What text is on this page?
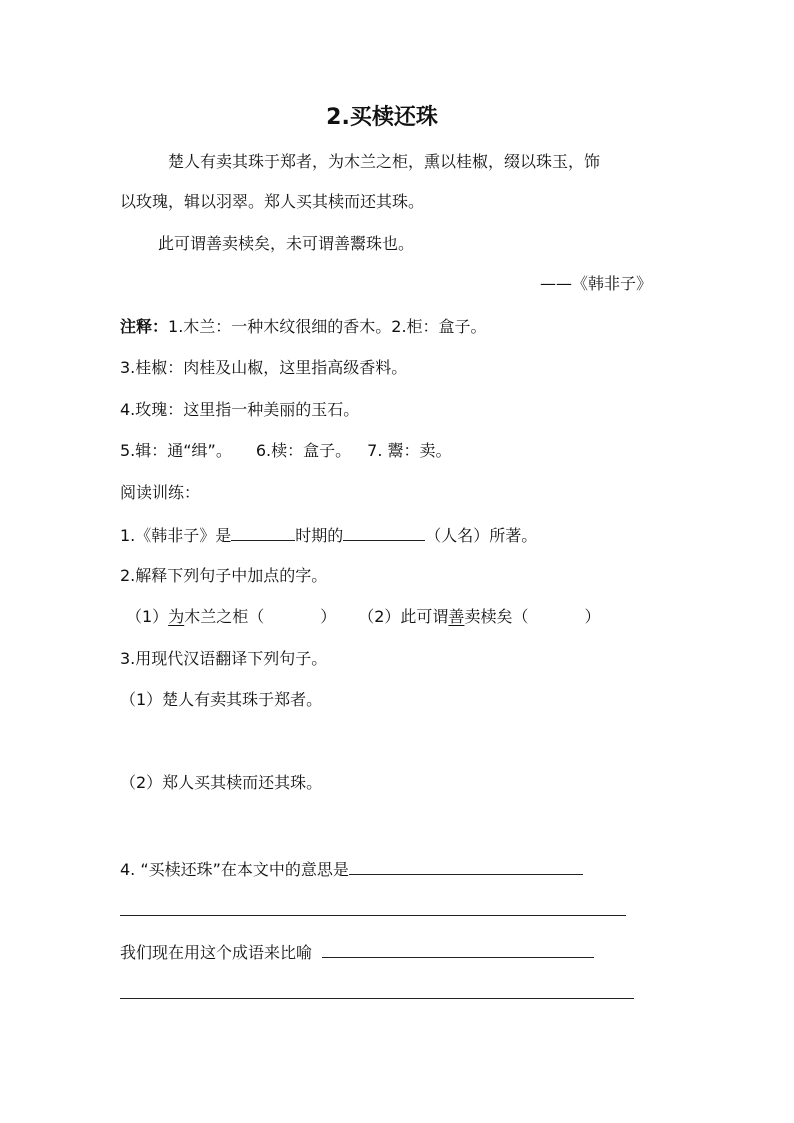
2.买椟还珠
楚人有卖其珠于郑者，为木兰之柜，熏以桂椒，缀以珠玉，饰
以玫瑰，辑以羽翠。郑人买其椟而还其珠。
此可谓善卖椟矣，未可谓善鬻珠也。
——《韩非子》
注释：1.木兰：一种木纹很细的香木。2.柜：盒子。
3.桂椒：肉桂及山椒，这里指高级香料。
4.玫瑰：这里指一种美丽的玉石。
5.辑：通“缉”。 6.椟：盒子。 7. 鬻：卖。
阅读训练：
1.《韩非子》是	时期的	（人名）所著。
2.解释下列句子中加点的字。
（1）为木兰之柜（	） （2）此可谓善卖椟矣（	）
3.用现代汉语翻译下列句子。
（1）楚人有卖其珠于郑者。
（2）郑人买其椟而还其珠。
4. “买椟还珠”在本文中的意思是
我们现在用这个成语来比喻
